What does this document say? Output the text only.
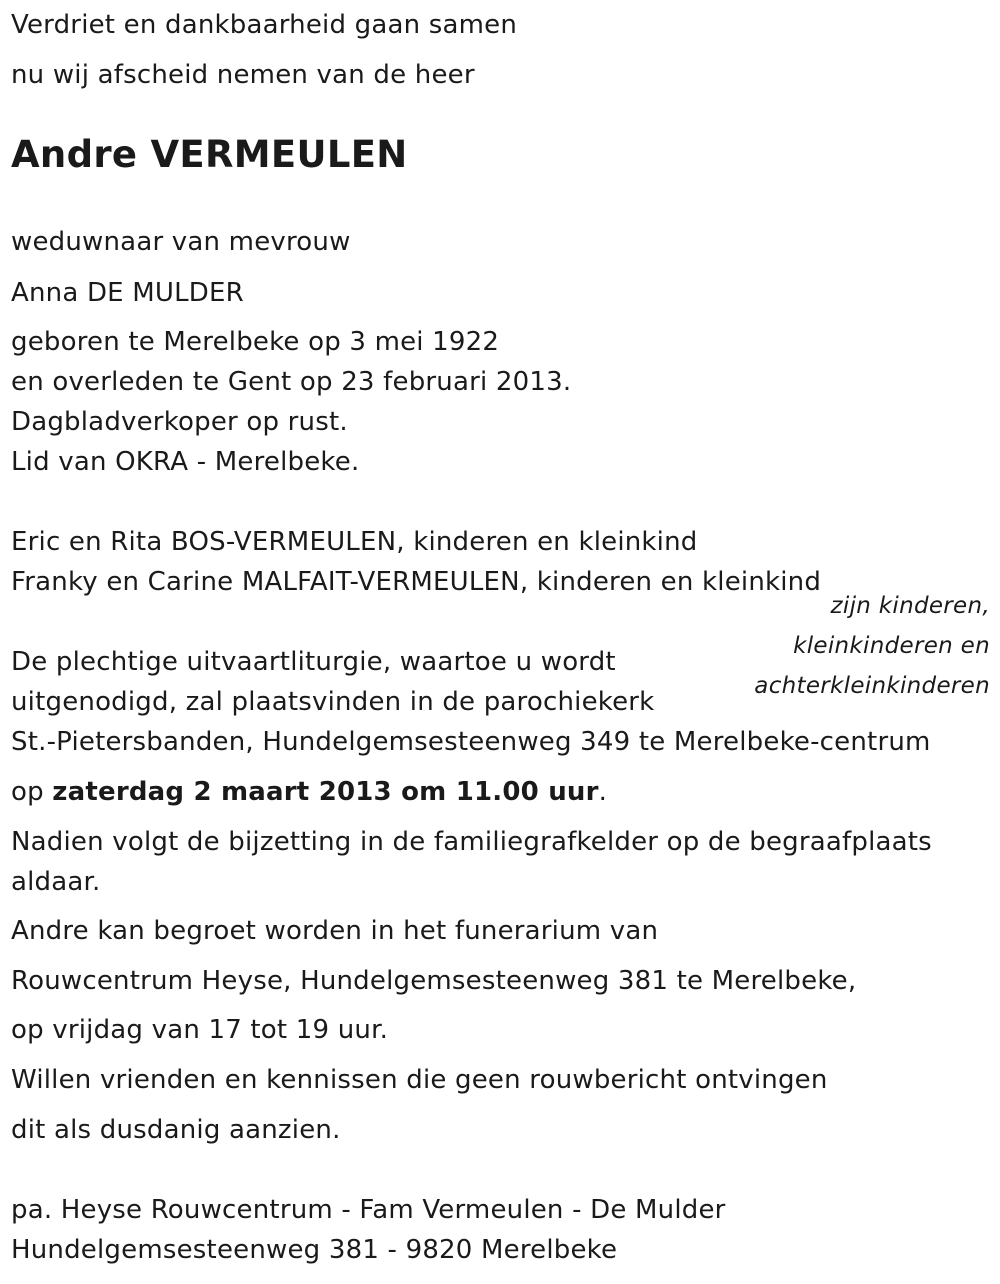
Verdriet en dankbaarheid gaan samen

nu wij afscheid nemen van de heer

Andre VERMEULEN

weduwnaar van mevrouw

Anna DE MULDER

geboren te Merelbeke op 3 mei 1922

en overleden te Gent op 23 februari 2013.

Dagbladverkoper op rust.

Lid van OKRA - Merelbeke.

Eric en Rita BOS-VERMEULEN, kinderen en kleinkind

Franky en Carine MALFAIT-VERMEULEN, kinderen en kleinkind

zijn kinderen,

kleinkinderen en

achterkleinkinderen

De plechtige uitvaartliturgie, waartoe u wordt

uitgenodigd, zal plaatsvinden in de parochiekerk

St.-Pietersbanden, Hundelgemsesteenweg 349 te Merelbeke-centrum

op zaterdag 2 maart 2013 om 11.00 uur.

Nadien volgt de bijzetting in de familiegrafkelder op de begraafplaats

aldaar.

Andre kan begroet worden in het funerarium van

Rouwcentrum Heyse, Hundelgemsesteenweg 381 te Merelbeke,

op vrijdag van 17 tot 19 uur.

Willen vrienden en kennissen die geen rouwbericht ontvingen

dit als dusdanig aanzien.

pa. Heyse Rouwcentrum - Fam Vermeulen - De Mulder

Hundelgemsesteenweg 381 - 9820 Merelbeke
